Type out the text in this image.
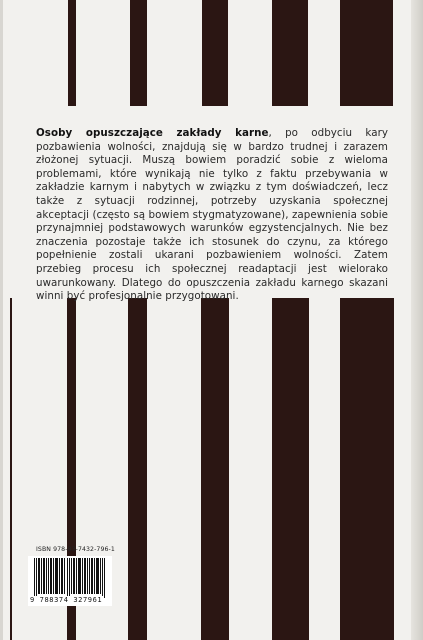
Osoby opuszczające zakłady karne, po odbyciu kary pozbawienia wolności, znajdują się w bardzo trudnej i zarazem złożonej sytuacji. Muszą bowiem poradzić sobie z wieloma problemami, które wynikają nie tylko z faktu przebywania w zakładzie karnym i nabytych w związku z tym doświadczeń, lecz także z sytuacji rodzinnej, potrzeby uzyskania społecznej akceptacji (często są bowiem stygmatyzowane), zapewnienia sobie przynajmniej podstawowych warunków egzystencjalnych. Nie bez znaczenia pozostaje także ich stosunek do czynu, za którego popełnienie zostali ukarani pozbawieniem wolności. Zatem przebieg procesu ich społecznej readaptacji jest wielorako uwarunkowany. Dlatego do opuszczenia zakładu karnego skazani winni być profesjonalnie przygotowani.
ISBN 978-83-7432-796-1
9 788374 327961
